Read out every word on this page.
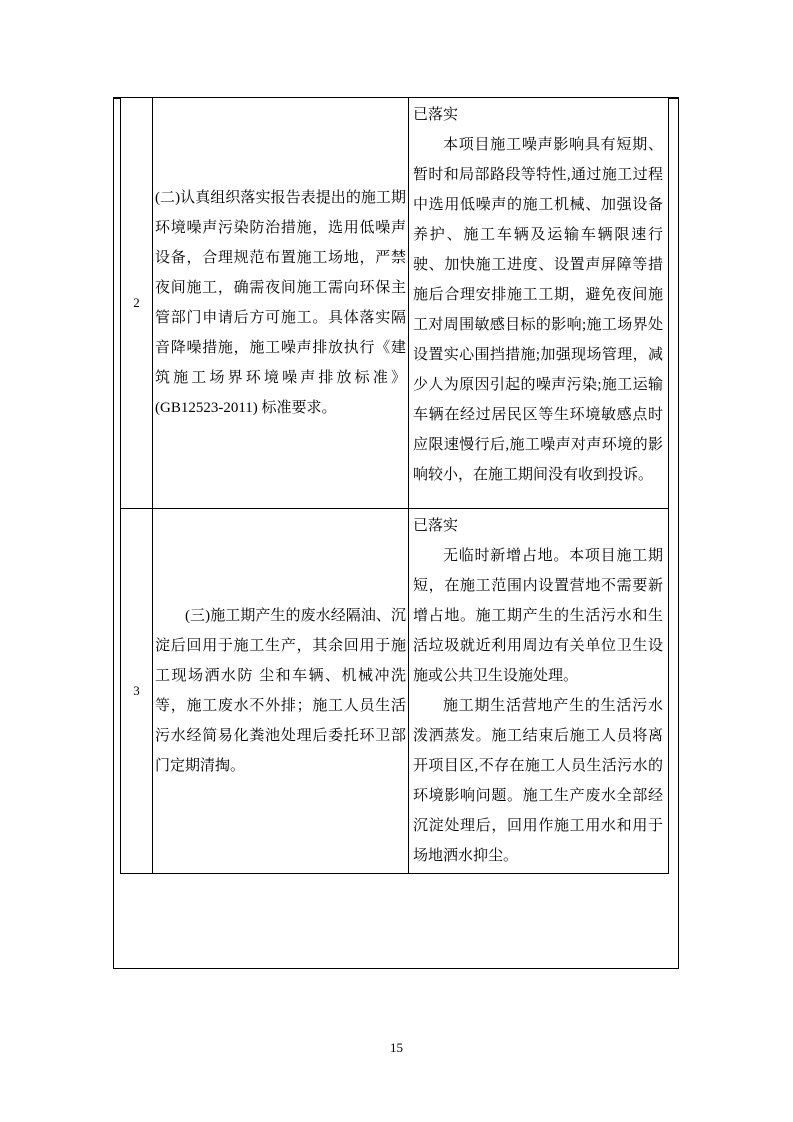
2	(二)认真组织落实报告表提出的施工期环境噪声污染防治措施，选用低噪声设备，合理规范布置施工场地，严禁夜间施工，确需夜间施工需向环保主管部门申请后方可施工。具体落实隔音降噪措施，施工噪声排放执行《建筑施工场界环境噪声排放标准》(GB12523-2011) 标准要求。	已落实

本项目施工噪声影响具有短期、暂时和局部路段等特性,通过施工过程中选用低噪声的施工机械、加强设备养护、施工车辆及运输车辆限速行驶、加快施工进度、设置声屏障等措施后合理安排施工工期，避免夜间施工对周围敏感目标的影响;施工场界处设置实心围挡措施;加强现场管理，减少人为原因引起的噪声污染;施工运输车辆在经过居民区等生环境敏感点时应限速慢行后,施工噪声对声环境的影响较小，在施工期间没有收到投诉。

3	(三)施工期产生的废水经隔油、沉淀后回用于施工生产，其余回用于施工现场洒水防 尘和车辆、机械冲洗等，施工废水不外排；施工人员生活污水经简易化粪池处理后委托环卫部门定期清掏。	已落实

无临时新增占地。本项目施工期短，在施工范围内设置营地不需要新增占地。施工期产生的生活污水和生活垃圾就近利用周边有关单位卫生设施或公共卫生设施处理。

施工期生活营地产生的生活污水泼洒蒸发。施工结束后施工人员将离开项目区,不存在施工人员生活污水的环境影响问题。施工生产废水全部经沉淀处理后，回用作施工用水和用于场地洒水抑尘。

15
